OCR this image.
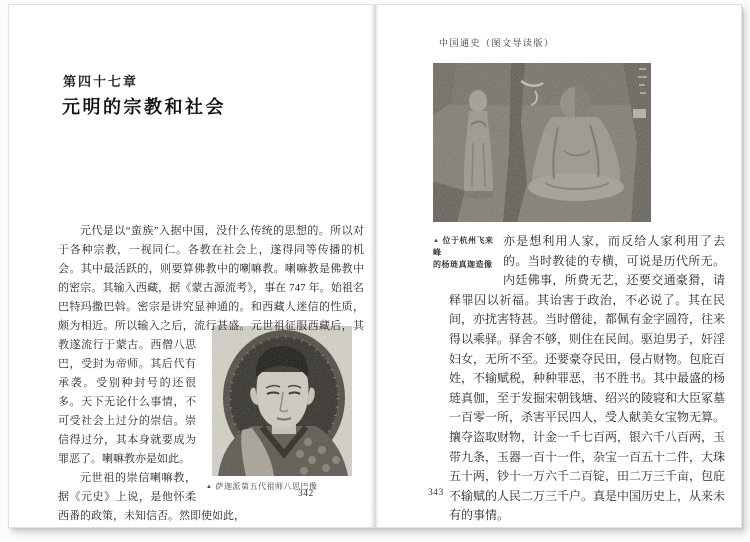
第四十七章
元明的宗教和社会

元代是以“蛮族”入据中国，没什么传统的思想的。所以对于各种宗教，一视同仁。各教在社会上，遂得同等传播的机会。其中最活跃的，则要算佛教中的喇嘛教。喇嘛教是佛教中的密宗。其输入西藏，据《蒙古源流考》，事在 747 年。始祖名巴特玛撒巴斡。密宗是讲究显神通的。和西藏人迷信的性质，颇为相近。所以输入之后，流行甚盛。元世
▲ 萨迦派第五代祖师八思巴像
祖征服西藏后，其教遂流行于蒙古。西僧八思巴，受封为帝师。其后代有承袭。受别种封号的还很多。天下无论什么事情，不可受社会上过分的崇信。崇信得过分，其本身就要成为罪恶了。喇嘛教亦是如此。

元世祖的崇信喇嘛教，据《元史》上说，是他怀柔西番的政策，未知信否。然即使如此，

342
中国通史（图文导读版）
▲ 位于杭州飞来峰
的杨琏真迦造像

亦是想利用人家，而反给人家利用了去的。当时教徒的专横，可说是历代所无。内廷佛事，所费无艺，还要交通豪猾，请释罪囚以祈福。其诒害于政治，不必说了。其在民间，亦扰害特甚。当时僧徒，都佩有金字圆符，往来得以乘驿。驿舍不够，则住在民间。驱迫男子，奸淫妇女，无所不至。还要豪夺民田，侵占财物。包庇百姓，不输赋税，种种罪恶，书不胜书。其中最盛的杨琏真伽，至于发掘宋朝钱塘、绍兴的陵寝和大臣冢墓一百零一所，杀害平民四人，受人献美女宝物无算。攘夺盗取财物，计金一千七百两，银六千八百两，玉带九条，玉器一百十一件，杂宝一百五十二件，大珠五十两，钞十一万六千二百锭，田二万三千亩，包庇不输赋的人民二万三千户。真是中国历史上，从来未有的事情。

343
